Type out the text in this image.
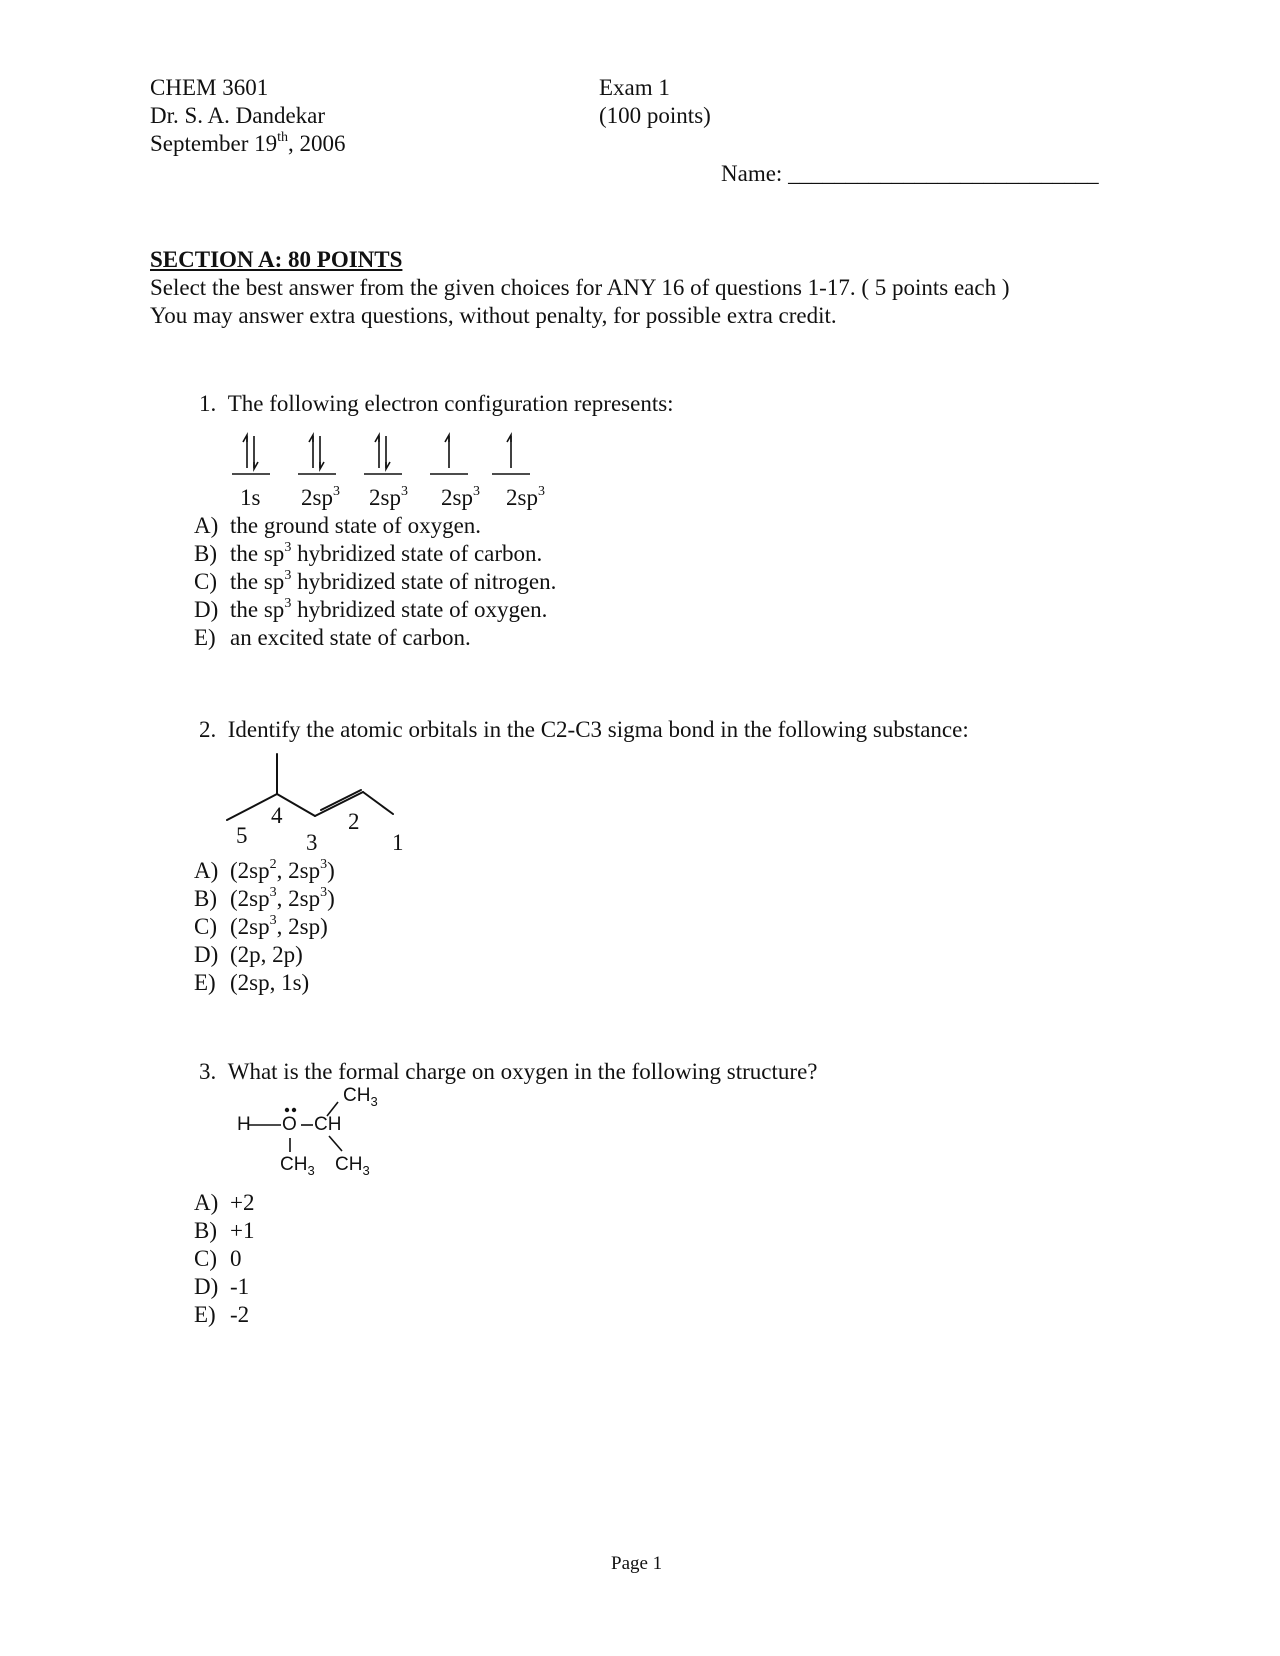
CHEM 3601
Dr. S. A. Dandekar
September 19th, 2006
Exam 1
(100 points)
Name: ___________________________
SECTION A: 80 POINTS
Select the best answer from the given choices for ANY 16 of questions 1-17. ( 5 points each )
You may answer extra questions, without penalty, for possible extra credit.
1. The following electron configuration represents:
1s $2sp^3$ $2sp^3$ $2sp^3$ $2sp^3$
A) the ground state of oxygen.
B) the $sp^3$ hybridized state of carbon.
C) the $sp^3$ hybridized state of nitrogen.
D) the $sp^3$ hybridized state of oxygen.
E) an excited state of carbon.
2. Identify the atomic orbitals in the C2-C3 sigma bond in the following substance:
4	2
5	3	1
A) ($2sp^2$, $2sp^3$)
B) ($2sp^3$, $2sp^3$)
C) ($2sp^3$, 2sp)
D) (2p, 2p)
E) (2sp, 1s)
3. What is the formal charge on oxygen in the following structure?
$CH_3$
H O CH
$CH_3$ $CH_3$
A) +2
B) +1
C) 0
D) -1
E) -2
Page 1
